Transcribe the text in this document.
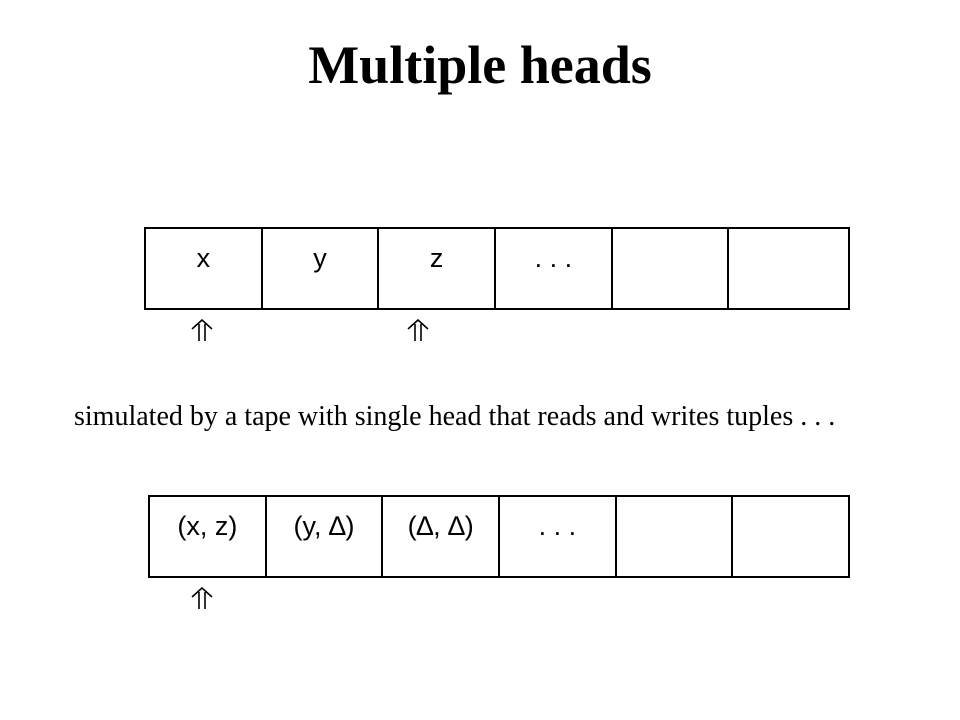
Multiple heads
x	y	z	. . .
simulated by a tape with single head that reads and writes tuples . . .
(x, z)	(y, ∆)	(∆, ∆)	. . .
